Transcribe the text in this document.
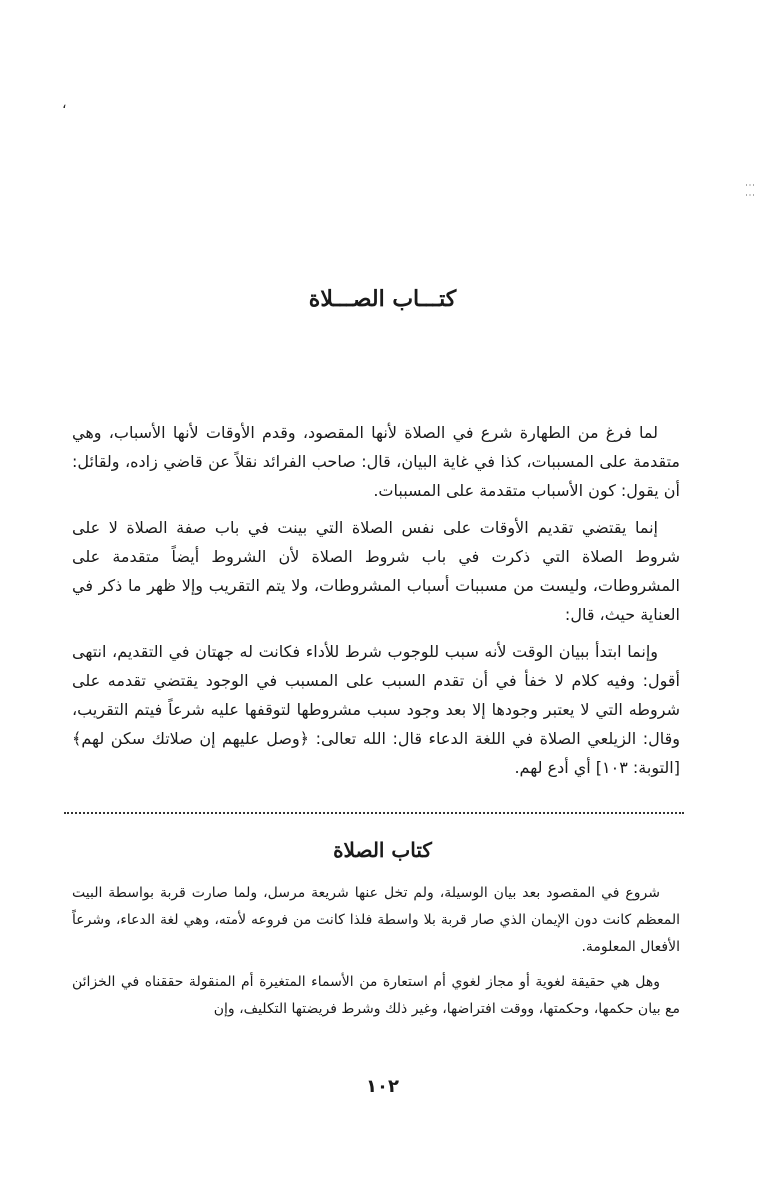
،
⋮⋮
كتـــاب الصـــلاة

لما فرغ من الطهارة شرع في الصلاة لأنها المقصود، وقدم الأوقات لأنها الأسباب، وهي متقدمة على المسببات، كذا في غاية البيان، قال: صاحب الفرائد نقلاً عن قاضي زاده، ولقائل: أن يقول: كون الأسباب متقدمة على المسببات.

إنما يقتضي تقديم الأوقات على نفس الصلاة التي بينت في باب صفة الصلاة لا على شروط الصلاة التي ذكرت في باب شروط الصلاة لأن الشروط أيضاً متقدمة على المشروطات، وليست من مسببات أسباب المشروطات، ولا يتم التقريب وإلا ظهر ما ذكر في العناية حيث، قال:

وإنما ابتدأ ببيان الوقت لأنه سبب للوجوب شرط للأداء فكانت له جهتان في التقديم، انتهى أقول: وفيه كلام لا خفأ في أن تقدم السبب على المسبب في الوجود يقتضي تقدمه على شروطه التي لا يعتبر وجودها إلا بعد وجود سبب مشروطها لتوقفها عليه شرعاً فيتم التقريب، وقال: الزيلعي الصلاة في اللغة الدعاء قال: الله تعالى: ﴿وصل عليهم إن صلاتك سكن لهم﴾ [التوبة: ١٠٣] أي أدع لهم.

كتاب الصلاة

شروع في المقصود بعد بيان الوسيلة، ولم تخل عنها شريعة مرسل، ولما صارت قربة بواسطة البيت المعظم كانت دون الإيمان الذي صار قربة بلا واسطة فلذا كانت من فروعه لأمته، وهي لغة الدعاء، وشرعاً الأفعال المعلومة.

وهل هي حقيقة لغوية أو مجاز لغوي أم استعارة من الأسماء المتغيرة أم المنقولة حققناه في الخزائن مع بيان حكمها، وحكمتها، ووقت افتراضها، وغير ذلك وشرط فريضتها التكليف، وإن

١٠٢
